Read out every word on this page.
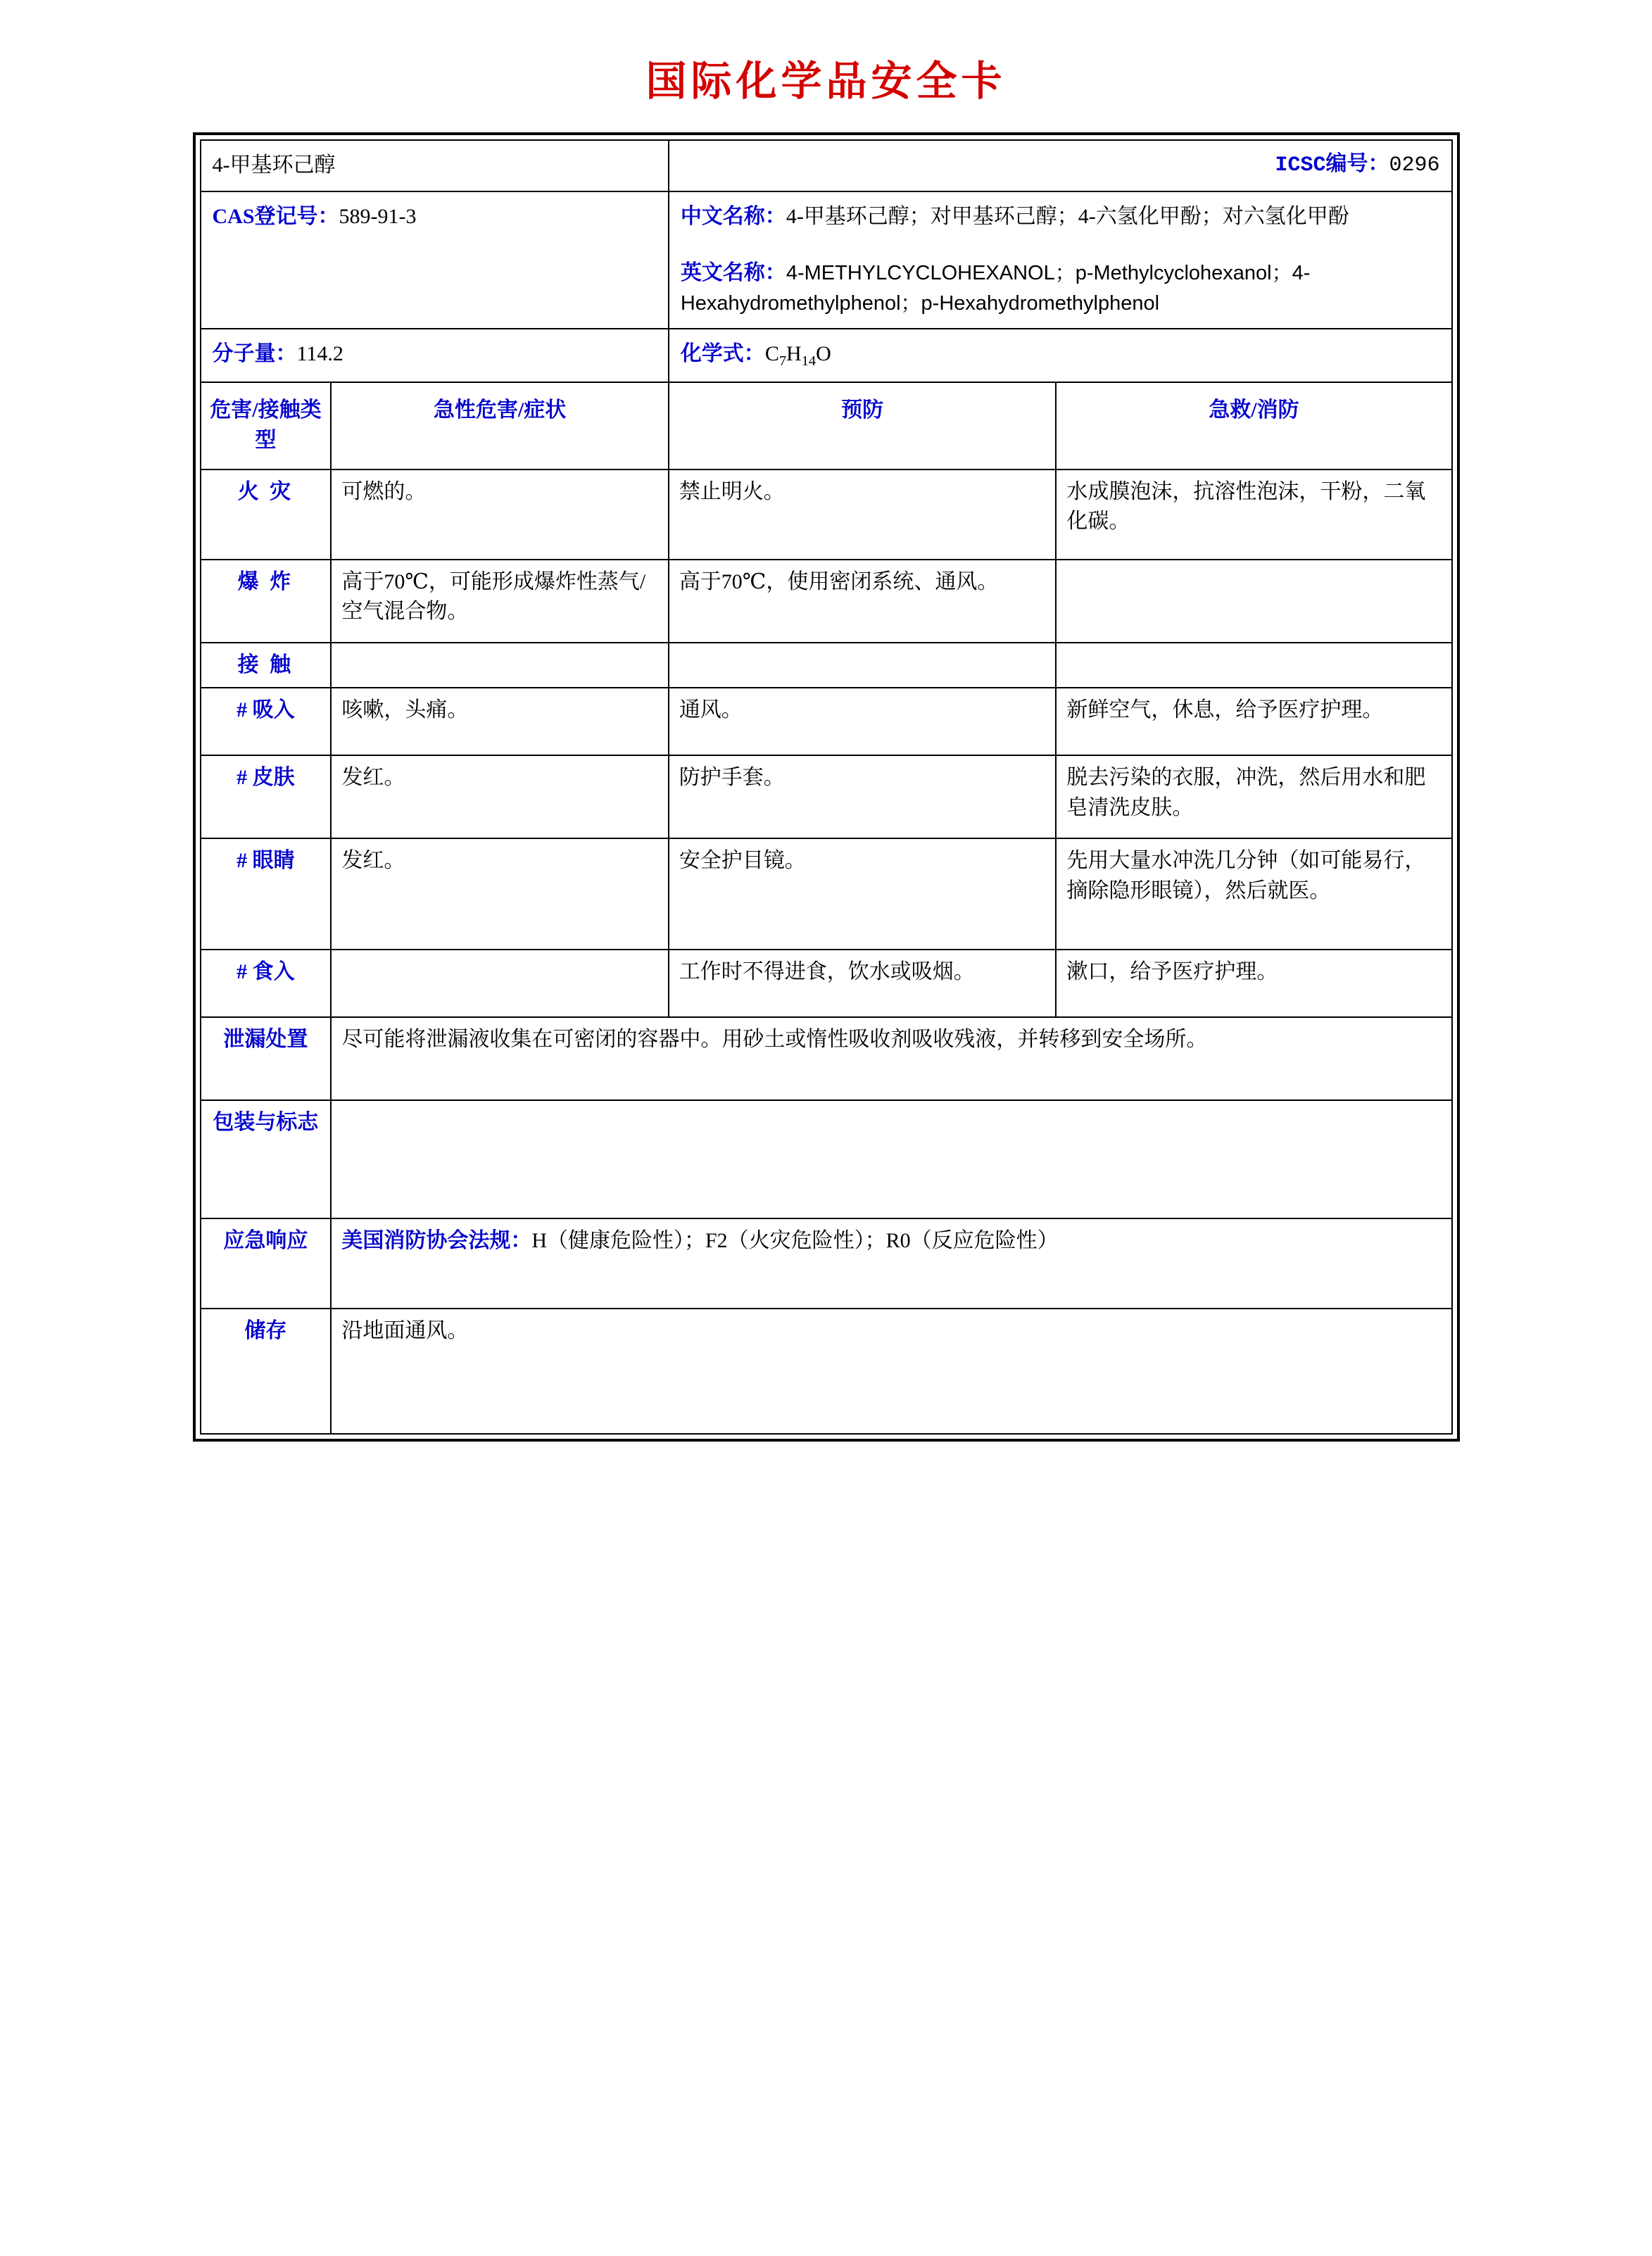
国际化学品安全卡
4-甲基环己醇		ICSC编号：0296	
CAS登记号：589-91-3		中文名称：4-甲基环己醇；对甲基环己醇；4-六氢化甲酚；对六氢化甲酚
英文名称：4-METHYLCYCLOHEXANOL；p-Methylcyclohexanol；4-Hexahydromethylphenol；p-Hexahydromethylphenol	

分子量：114.2		化学式：$C_7H_{14}O$	
危害/接触类型	急性危害/症状	预防	急救/消防
火 灾	可燃的。	禁止明火。	水成膜泡沫，抗溶性泡沫，干粉，二氧化碳。
爆 炸	高于70℃，可能形成爆炸性蒸气/空气混合物。	高于70℃，使用密闭系统、通风。	
接 触			
# 吸入	咳嗽，头痛。	通风。	新鲜空气，休息，给予医疗护理。
# 皮肤	发红。	防护手套。	脱去污染的衣服，冲洗，然后用水和肥皂清洗皮肤。
# 眼睛	发红。	安全护目镜。	先用大量水冲洗几分钟（如可能易行，摘除隐形眼镜），然后就医。
# 食入		工作时不得进食，饮水或吸烟。	漱口，给予医疗护理。
泄漏处置	尽可能将泄漏液收集在可密闭的容器中。用砂土或惰性吸收剂吸收残液，并转移到安全场所。		
包装与标志			
应急响应	美国消防协会法规：H（健康危险性）；F2（火灾危险性）；R0（反应危险性）		
储存	沿地面通风。		
